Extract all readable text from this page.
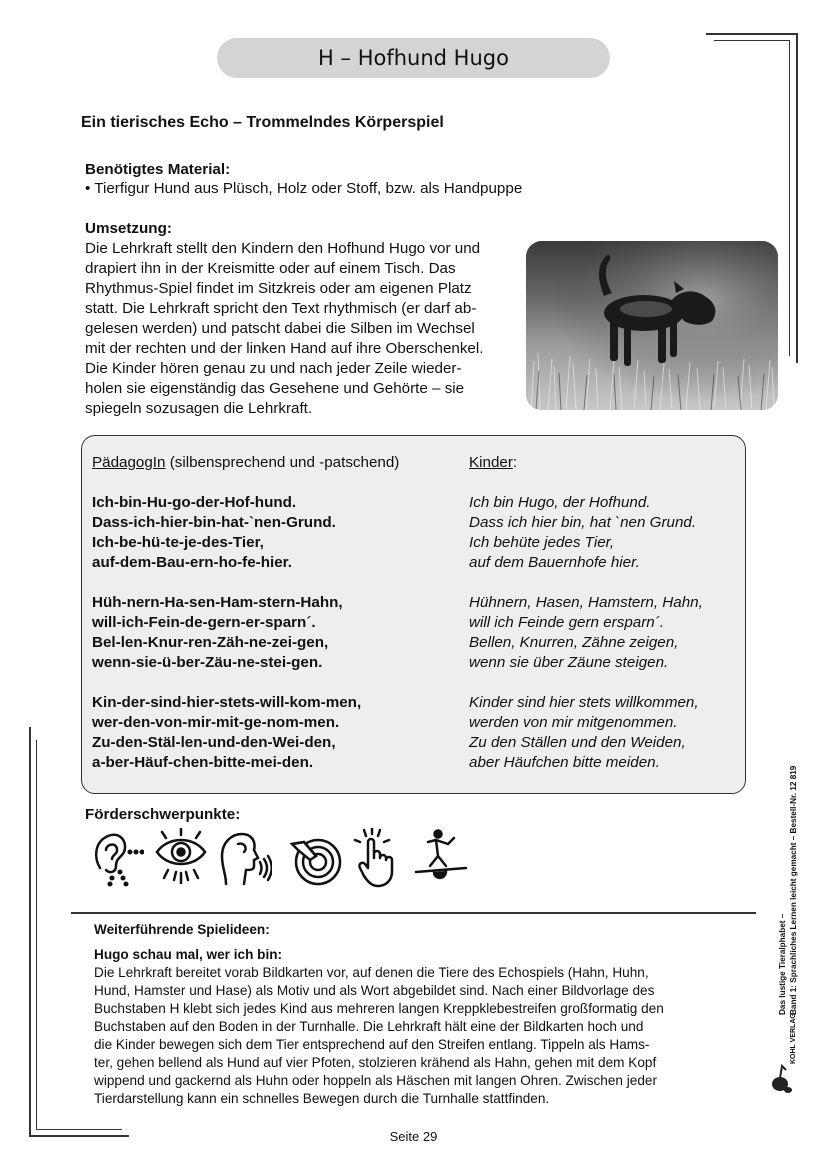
H – Hofhund Hugo
Ein tierisches Echo – Trommelndes Körperspiel
Benötigtes Material:
• Tierfigur Hund aus Plüsch, Holz oder Stoff, bzw. als Handpuppe
Umsetzung:
Die Lehrkraft stellt den Kindern den Hofhund Hugo vor und
drapiert ihn in der Kreismitte oder auf einem Tisch. Das
Rhythmus-Spiel findet im Sitzkreis oder am eigenen Platz
statt. Die Lehrkraft spricht den Text rhythmisch (er darf ab-
gelesen werden) und patscht dabei die Silben im Wechsel
mit der rechten und der linken Hand auf ihre Oberschenkel.
Die Kinder hören genau zu und nach jeder Zeile wieder-
holen sie eigenständig das Gesehene und Gehörte – sie
spiegeln sozusagen die Lehrkraft.
PädagogIn (silbensprechend und -patschend)	Kinder:
Ich-bin-Hu-go-der-Hof-hund.
Dass-ich-hier-bin-hat-`nen-Grund.
Ich-be-hü-te-je-des-Tier,
auf-dem-Bau-ern-ho-fe-hier.
Hüh-nern-Ha-sen-Ham-stern-Hahn,
will-ich-Fein-de-gern-er-sparn´.
Bel-len-Knur-ren-Zäh-ne-zei-gen,
wenn-sie-ü-ber-Zäu-ne-stei-gen.
Kin-der-sind-hier-stets-will-kom-men,
wer-den-von-mir-mit-ge-nom-men.
Zu-den-Stäl-len-und-den-Wei-den,
a-ber-Häuf-chen-bitte-mei-den.
Ich bin Hugo, der Hofhund.
Dass ich hier bin, hat `nen Grund.
Ich behüte jedes Tier,
auf dem Bauernhofe hier.
Hühnern, Hasen, Hamstern, Hahn,
will ich Feinde gern ersparn´.
Bellen, Knurren, Zähne zeigen,
wenn sie über Zäune steigen.
Kinder sind hier stets willkommen,
werden von mir mitgenommen.
Zu den Ställen und den Weiden,
aber Häufchen bitte meiden.
Förderschwerpunkte:
Weiterführende Spielideen:
Hugo schau mal, wer ich bin:
Die Lehrkraft bereitet vorab Bildkarten vor, auf denen die Tiere des Echospiels (Hahn, Huhn,
Hund, Hamster und Hase) als Motiv und als Wort abgebildet sind. Nach einer Bildvorlage des
Buchstaben H klebt sich jedes Kind aus mehreren langen Kreppklebestreifen großformatig den
Buchstaben auf den Boden in der Turnhalle. Die Lehrkraft hält eine der Bildkarten hoch und
die Kinder bewegen sich dem Tier entsprechend auf den Streifen entlang. Tippeln als Hams-
ter, gehen bellend als Hund auf vier Pfoten, stolzieren krähend als Hahn, gehen mit dem Kopf
wippend und gackernd als Huhn oder hoppeln als Häschen mit langen Ohren. Zwischen jeder
Tierdarstellung kann ein schnelles Bewegen durch die Turnhalle stattfinden.
Das lustige Tieralphabet – Band 1: Sprachliches Lernen leicht gemacht – Bestell-Nr. 12 819
KOHL VERLAG
Seite 29
